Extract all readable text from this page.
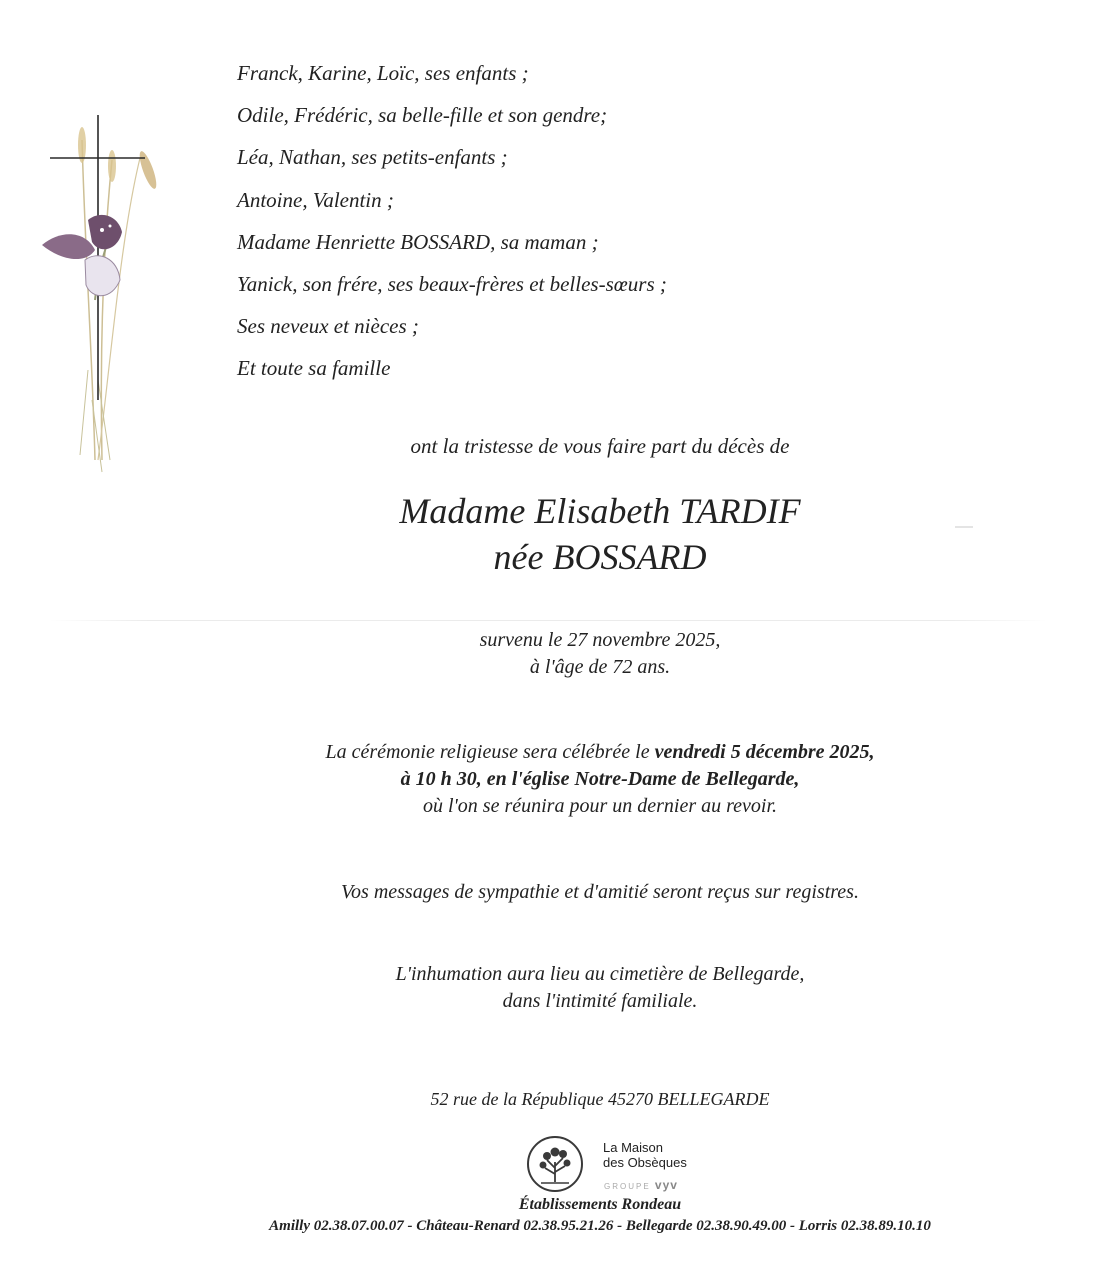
Franck, Karine, Loïc, ses enfants ;
Odile, Frédéric, sa belle-fille et son gendre;
Léa, Nathan, ses petits-enfants ;
Antoine, Valentin ;
Madame Henriette BOSSARD, sa maman ;
Yanick, son frére, ses beaux-frères et belles-sœurs ;
Ses neveux et nièces ;
Et toute sa famille
ont la tristesse de vous faire part du décès de
Madame Elisabeth TARDIF
née BOSSARD
survenu le 27 novembre 2025,
à l'âge de 72 ans.
La cérémonie religieuse sera célébrée le vendredi 5 décembre 2025,
à 10 h 30, en l'église Notre-Dame de Bellegarde,
où l'on se réunira pour un dernier au revoir.
Vos messages de sympathie et d'amitié seront reçus sur registres.
L'inhumation aura lieu au cimetière de Bellegarde,
dans l'intimité familiale.
52 rue de la République 45270 BELLEGARDE
La Maison
des Obsèques
GROUPE vyv
Établissements Rondeau
Amilly 02.38.07.00.07 - Château-Renard 02.38.95.21.26 - Bellegarde 02.38.90.49.00 - Lorris 02.38.89.10.10
